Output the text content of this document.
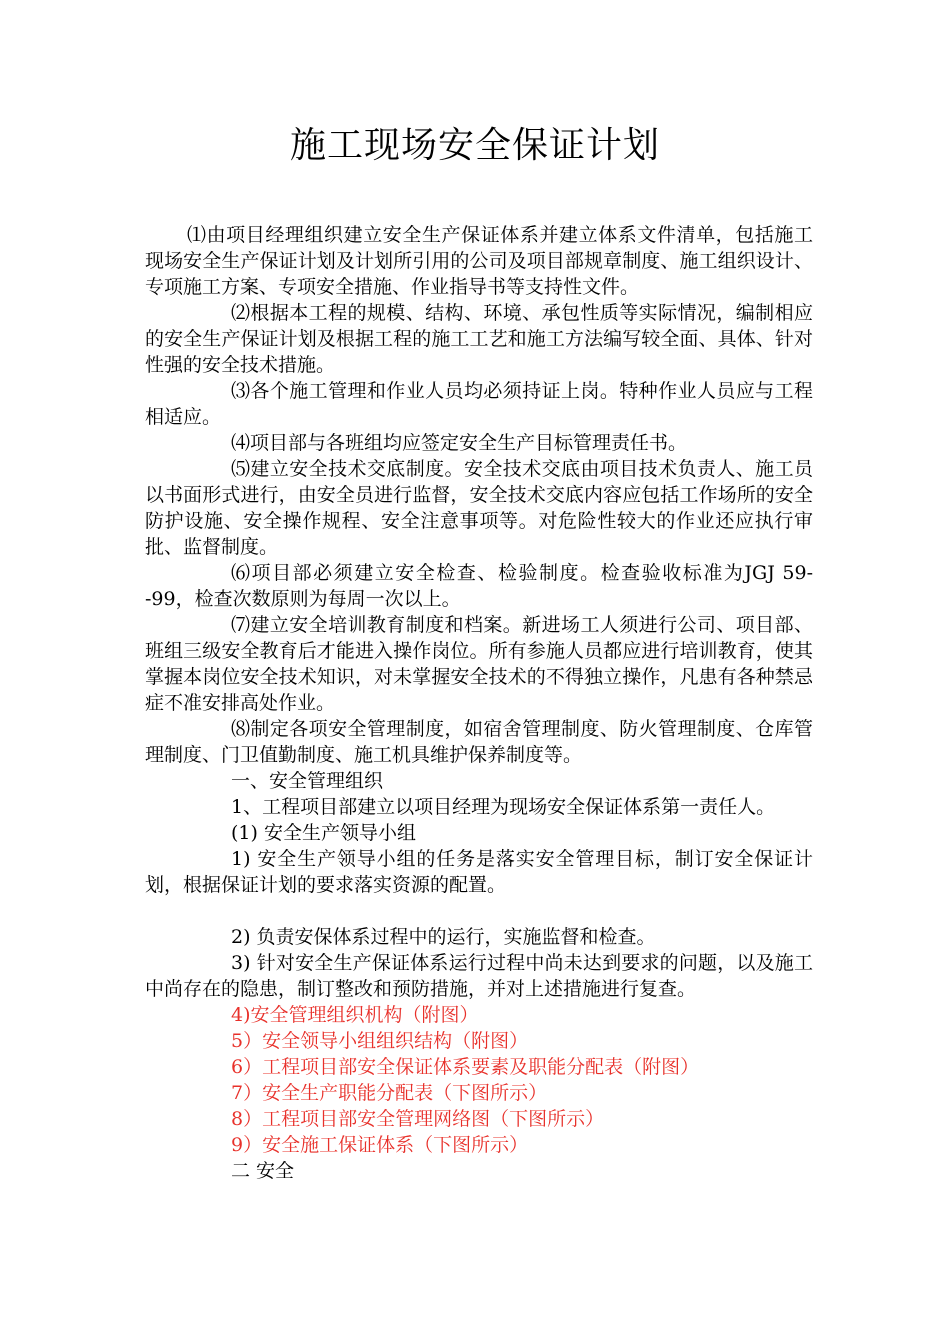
施工现场安全保证计划

⑴由项目经理组织建立安全生产保证体系并建立体系文件清单，包括施工现场安全生产保证计划及计划所引用的公司及项目部规章制度、施工组织设计、专项施工方案、专项安全措施、作业指导书等支持性文件。

⑵根据本工程的规模、结构、环境、承包性质等实际情况，编制相应的安全生产保证计划及根据工程的施工工艺和施工方法编写较全面、具体、针对性强的安全技术措施。

⑶各个施工管理和作业人员均必须持证上岗。特种作业人员应与工程相适应。

⑷项目部与各班组均应签定安全生产目标管理责任书。

⑸建立安全技术交底制度。安全技术交底由项目技术负责人、施工员以书面形式进行，由安全员进行监督，安全技术交底内容应包括工作场所的安全防护设施、安全操作规程、安全注意事项等。对危险性较大的作业还应执行审批、监督制度。

⑹项目部必须建立安全检查、检验制度。检查验收标准为JGJ 59--99，检查次数原则为每周一次以上。

⑺建立安全培训教育制度和档案。新进场工人须进行公司、项目部、班组三级安全教育后才能进入操作岗位。所有参施人员都应进行培训教育，使其掌握本岗位安全技术知识，对未掌握安全技术的不得独立操作，凡患有各种禁忌症不准安排高处作业。

⑻制定各项安全管理制度，如宿舍管理制度、防火管理制度、仓库管理制度、门卫值勤制度、施工机具维护保养制度等。

一、安全管理组织

1、工程项目部建立以项目经理为现场安全保证体系第一责任人。

(1) 安全生产领导小组

1) 安全生产领导小组的任务是落实安全管理目标，制订安全保证计划，根据保证计划的要求落实资源的配置。

2) 负责安保体系过程中的运行，实施监督和检查。

3) 针对安全生产保证体系运行过程中尚未达到要求的问题，以及施工中尚存在的隐患，制订整改和预防措施，并对上述措施进行复查。

4)安全管理组织机构（附图）

5）安全领导小组组织结构（附图）

6）工程项目部安全保证体系要素及职能分配表（附图）

7）安全生产职能分配表（下图所示）

8）工程项目部安全管理网络图（下图所示）

9）安全施工保证体系（下图所示）

二 安全
